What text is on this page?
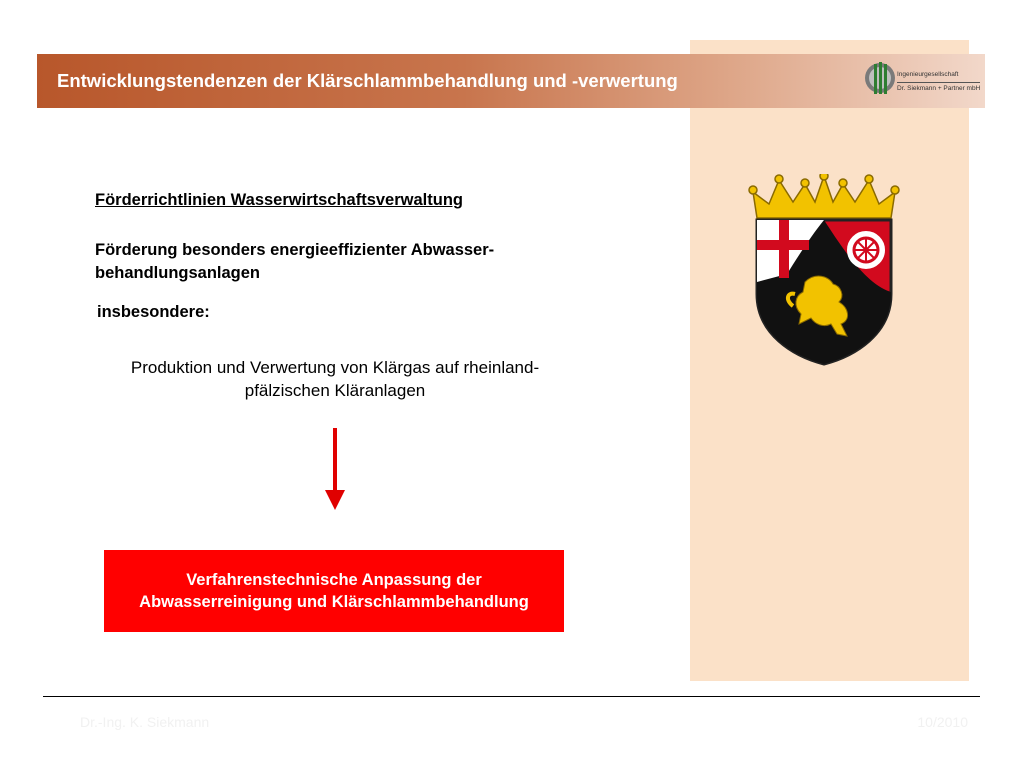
Entwicklungstendenzen der Klärschlammbehandlung und -verwertung	Ingenieurgesellschaft
Dr. Siekmann + Partner mbH
Förderrichtlinien Wasserwirtschaftsverwaltung
Förderung besonders energieeffizienter Abwasser-behandlungsanlagen
insbesondere:
Produktion und Verwertung von Klärgas auf rheinland-pfälzischen Kläranlagen
Verfahrenstechnische Anpassung der Abwasserreinigung und Klärschlammbehandlung
Dr.-Ing. K. Siekmann	10/2010
